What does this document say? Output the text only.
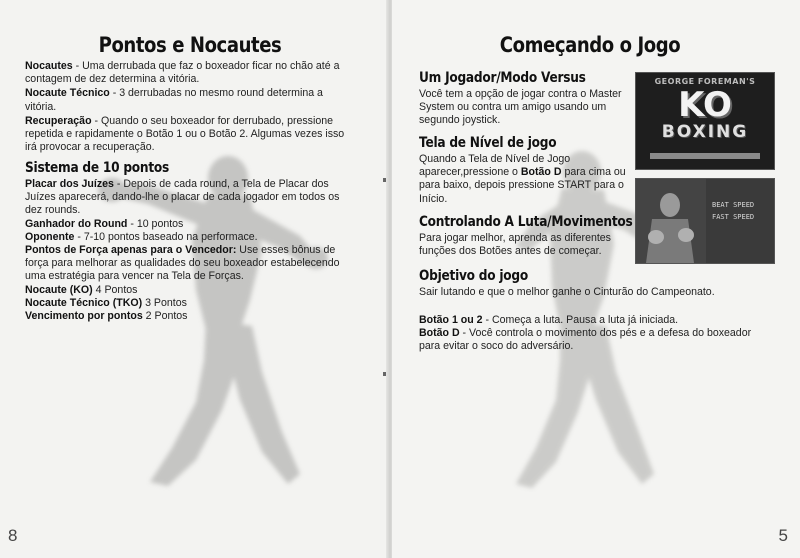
Pontos e Nocautes

Nocautes - Uma derrubada que faz o boxeador ficar no chão até a contagem de dez determina a vitória.

Nocaute Técnico - 3 derrubadas no mesmo round determina a vitória.

Recuperação - Quando o seu boxeador for derrubado, pressione repetida e rapidamente o Botão 1 ou o Botão 2. Algumas vezes isso irá provocar a recuperação.

Sistema de 10 pontos

Placar dos Juízes - Depois de cada round, a Tela de Placar dos Juízes aparecerá, dando-lhe o placar de cada jogador em todos os dez rounds.

Ganhador do Round - 10 pontos

Oponente - 7-10 pontos baseado na performace.

Pontos de Força apenas para o Vencedor: Use esses bônus de força para melhorar as qualidades do seu boxeador estabelecendo uma estratégia para vencer na Tela de Forças.

Nocaute (KO) 4 Pontos

Nocaute Técnico (TKO) 3 Pontos

Vencimento por pontos 2 Pontos

8
Começando o Jogo
GEORGE FOREMAN'S
KO
BOXING
BEAT SPEED
FAST SPEED
Um Jogador/Modo Versus

Você tem a opção de jogar contra o Master System ou contra um amigo usando um segundo joystick.

Tela de Nível de jogo

Quando a Tela de Nível de Jogo aparecer,pressione o Botão D para cima ou para baixo, depois pressione START para o Início.

Controlando A Luta/Movimentos

Para jogar melhor, aprenda as diferentes funções dos Botões antes de começar.

Objetivo do jogo

Sair lutando e que o melhor ganhe o Cinturão do Campeonato.

Botão 1 ou 2 - Começa a luta. Pausa a luta já iniciada.

Botão D - Você controla o movimento dos pés e a defesa do boxeador para evitar o soco do adversário.

5
